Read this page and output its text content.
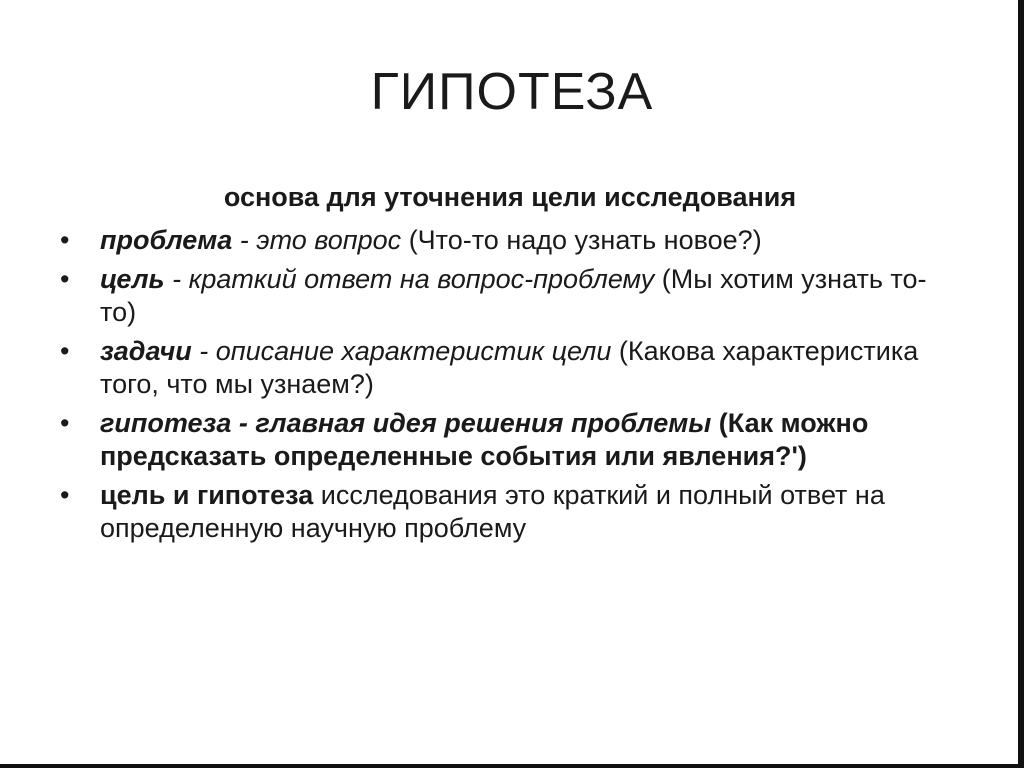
ГИПОТЕЗА
основа для уточнения цели исследования
• проблема - это вопрос (Что-то надо узнать новое?)
• цель - краткий ответ на вопрос-проблему (Мы хотим узнать то-то)
• задачи - описание характеристик цели (Какова характеристика того, что мы узнаем?)
• гипотеза - главная идея решения проблемы (Как можно предсказать определенные события или явления?')
• цель и гипотеза исследования это краткий и полный ответ на определенную научную проблему
